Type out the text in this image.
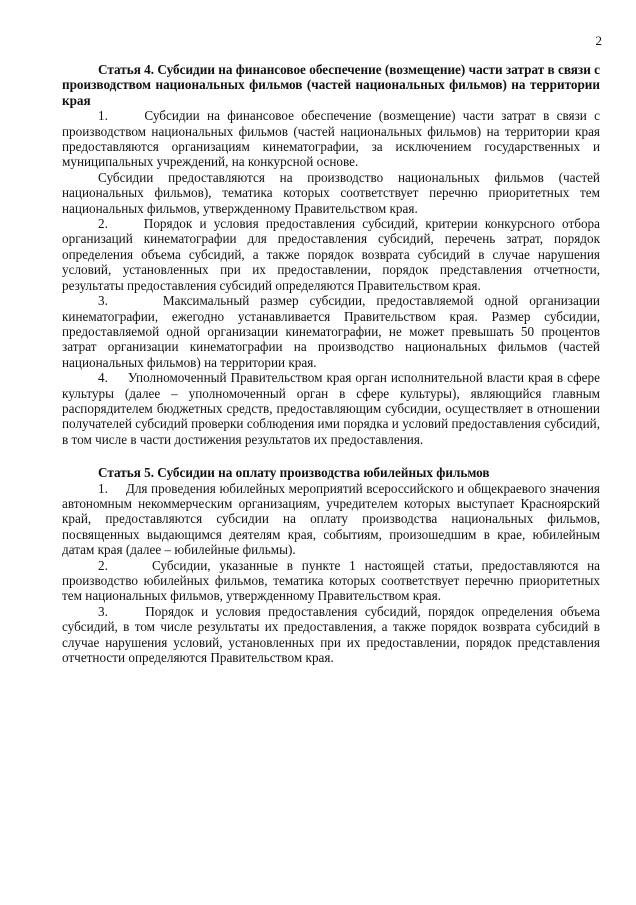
2

Статья 4. Субсидии на финансовое обеспечение (возмещение) части затрат в связи с производством национальных фильмов (частей национальных фильмов) на территории края

1.     Субсидии на финансовое обеспечение (возмещение) части затрат в связи с производством национальных фильмов (частей национальных фильмов) на территории края предоставляются организациям кинематографии, за исключением государственных и муниципальных учреждений, на конкурсной основе.

Субсидии предоставляются на производство национальных фильмов (частей национальных фильмов), тематика которых соответствует перечню приоритетных тем национальных фильмов, утвержденному Правительством края.

2.     Порядок и условия предоставления субсидий, критерии конкурсного отбора организаций кинематографии для предоставления субсидий, перечень затрат, порядок определения объема субсидий, а также порядок возврата субсидий в случае нарушения условий, установленных при их предоставлении, порядок представления отчетности, результаты предоставления субсидий определяются Правительством края.

3.     Максимальный размер субсидии, предоставляемой одной организации кинематографии, ежегодно устанавливается Правительством края. Размер субсидии, предоставляемой одной организации кинематографии, не может превышать 50 процентов затрат организации кинематографии на производство национальных фильмов (частей национальных фильмов) на территории края.

4.     Уполномоченный Правительством края орган исполнительной власти края в сфере культуры (далее – уполномоченный орган в сфере культуры), являющийся главным распорядителем бюджетных средств, предоставляющим субсидии, осуществляет в отношении получателей субсидий проверки соблюдения ими порядка и условий предоставления субсидий, в том числе в части достижения результатов их предоставления.

Статья 5. Субсидии на оплату производства юбилейных фильмов

1.     Для проведения юбилейных мероприятий всероссийского и общекраевого значения автономным некоммерческим организациям, учредителем которых выступает Красноярский край, предоставляются субсидии на оплату производства национальных фильмов, посвященных выдающимся деятелям края, событиям, произошедшим в крае, юбилейным датам края (далее – юбилейные фильмы).

2.     Субсидии, указанные в пункте 1 настоящей статьи, предоставляются на производство юбилейных фильмов, тематика которых соответствует перечню приоритетных тем национальных фильмов, утвержденному Правительством края.

3.     Порядок и условия предоставления субсидий, порядок определения объема субсидий, в том числе результаты их предоставления, а также порядок возврата субсидий в случае нарушения условий, установленных при их предоставлении, порядок представления отчетности определяются Правительством края.
